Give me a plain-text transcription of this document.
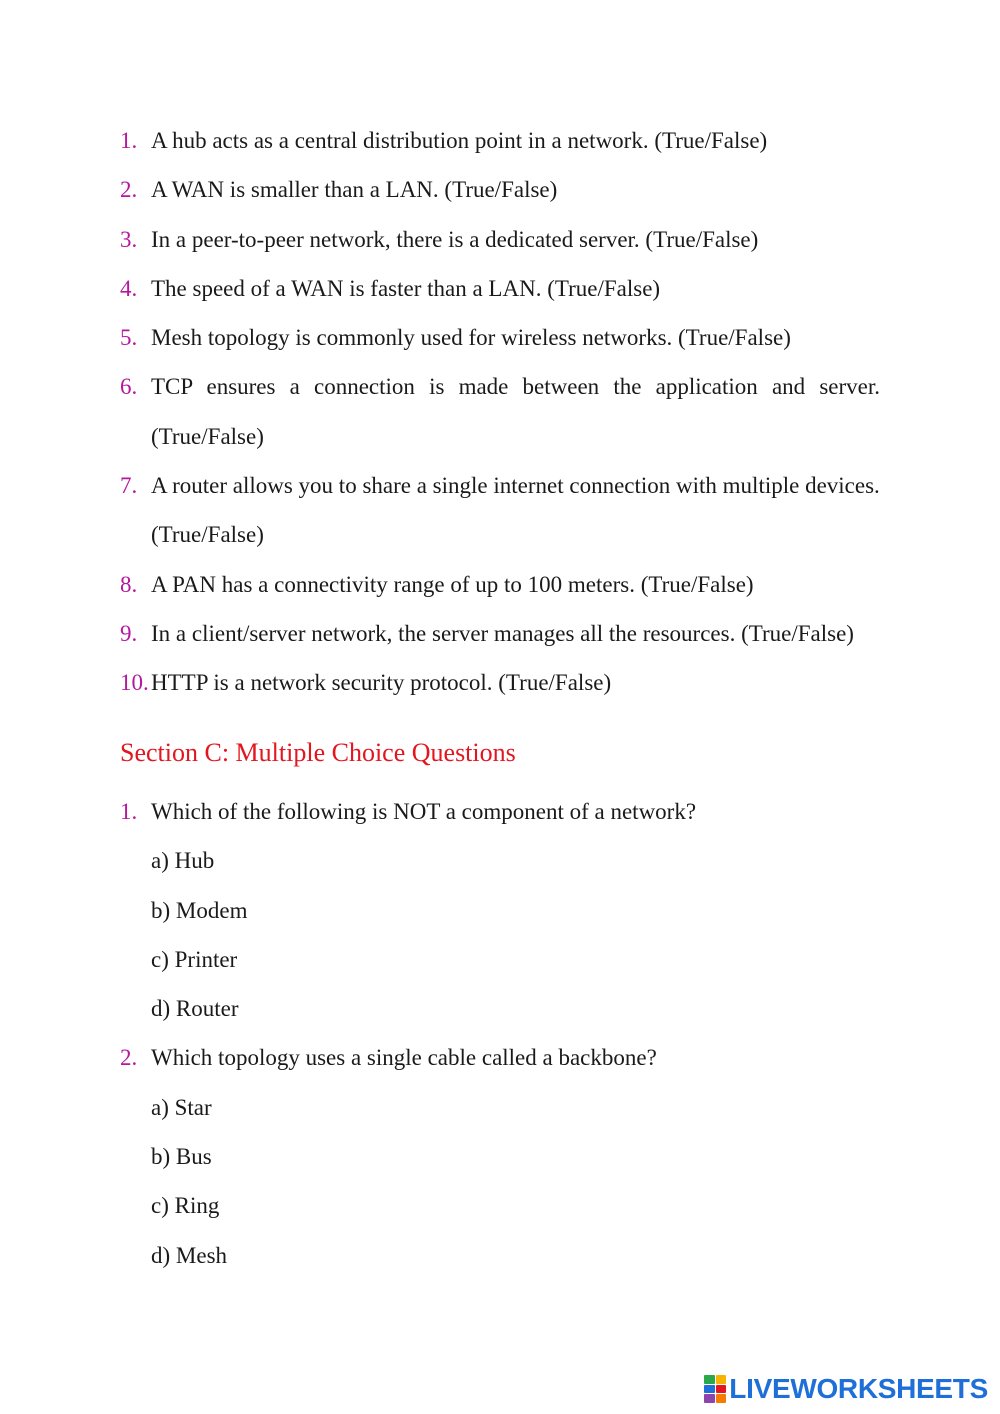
1. A hub acts as a central distribution point in a network. (True/False)
2. A WAN is smaller than a LAN. (True/False)
3. In a peer-to-peer network, there is a dedicated server. (True/False)
4. The speed of a WAN is faster than a LAN. (True/False)
5. Mesh topology is commonly used for wireless networks. (True/False)
6. TCP ensures a connection is made between the application and server. (True/False)
7. A router allows you to share a single internet connection with multiple devices. (True/False)
8. A PAN has a connectivity range of up to 100 meters. (True/False)
9. In a client/server network, the server manages all the resources. (True/False)
10. HTTP is a network security protocol. (True/False)
Section C: Multiple Choice Questions
1. Which of the following is NOT a component of a network?
a) Hub
b) Modem
c) Printer
d) Router
2. Which topology uses a single cable called a backbone?
a) Star
b) Bus
c) Ring
d) Mesh
LIVEWORKSHEETS
